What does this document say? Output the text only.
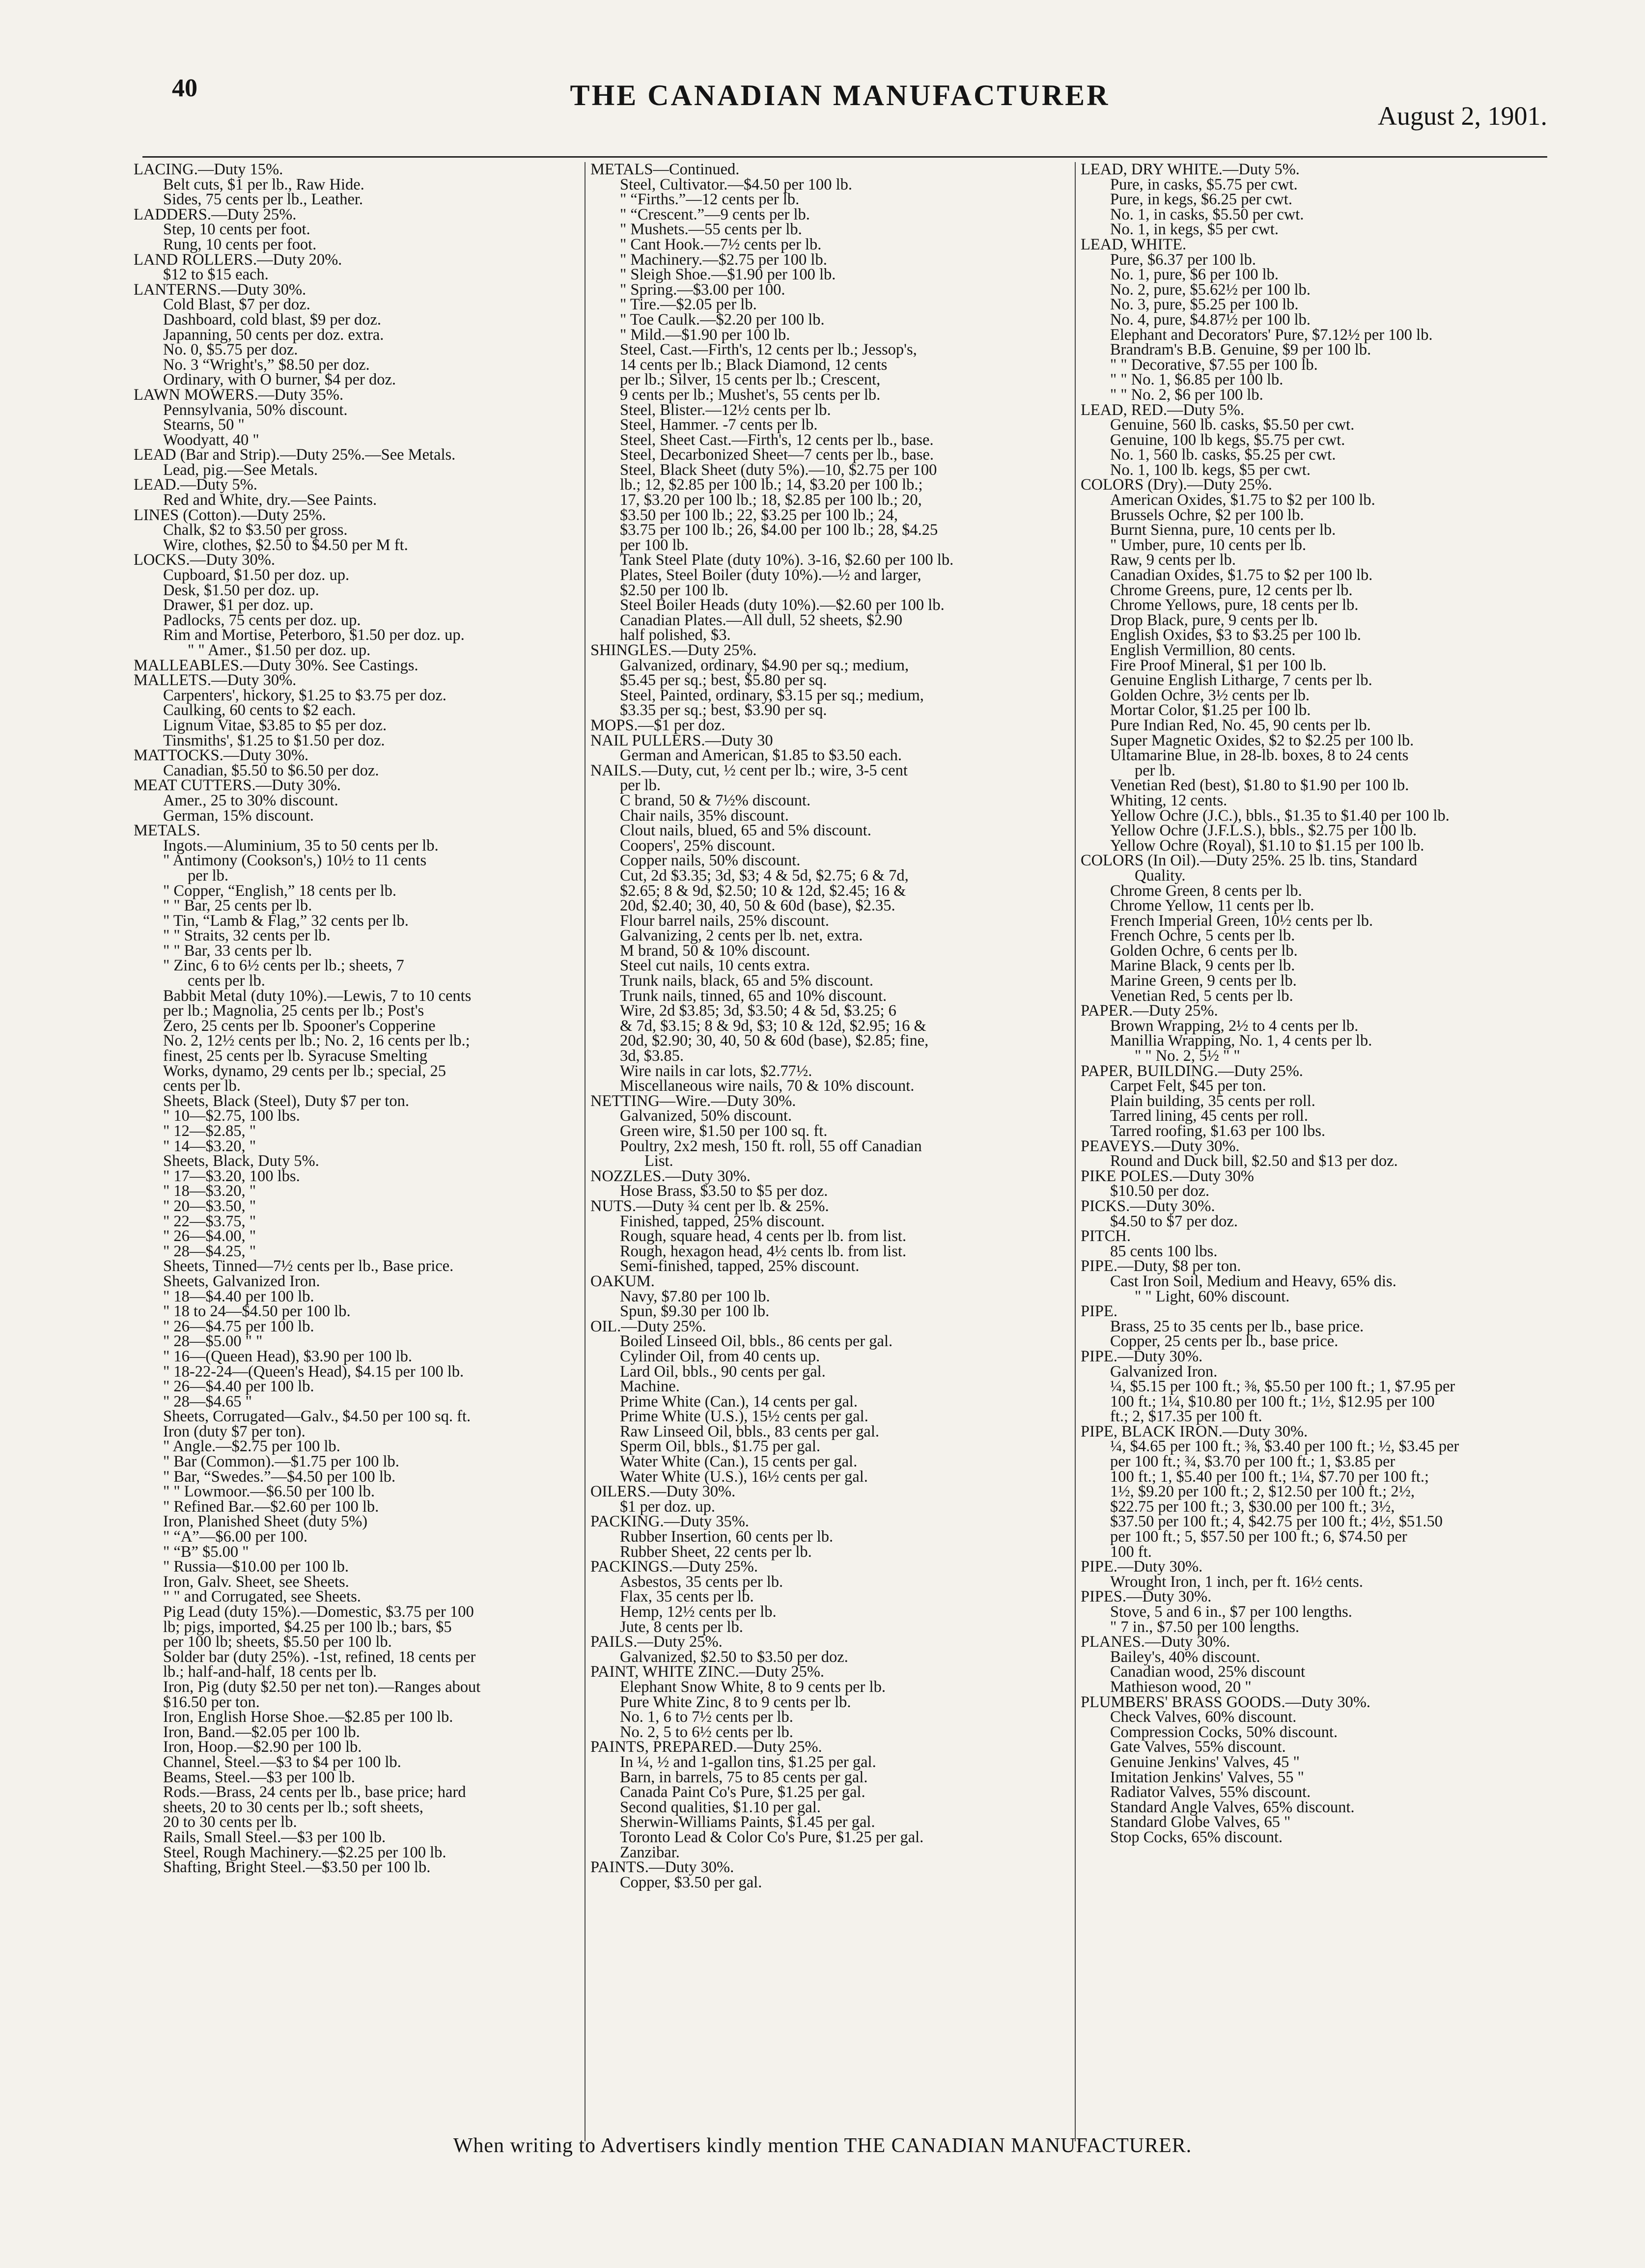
40	THE CANADIAN MANUFACTURER
August 2, 1901.
LACING.—Duty 15%.
Belt cuts, $1 per lb., Raw Hide.
Sides, 75 cents per lb., Leather.
LADDERS.—Duty 25%.
Step, 10 cents per foot.
Rung, 10 cents per foot.
LAND ROLLERS.—Duty 20%.
$12 to $15 each.
LANTERNS.—Duty 30%.
Cold Blast, $7 per doz.
Dashboard, cold blast, $9 per doz.
Japanning, 50 cents per doz. extra.
No. 0, $5.75 per doz.
No. 3 “Wright's,” $8.50 per doz.
Ordinary, with O burner, $4 per doz.
LAWN MOWERS.—Duty 35%.
Pennsylvania, 50% discount.
Stearns, 50 "
Woodyatt, 40 "
LEAD (Bar and Strip).—Duty 25%.—See Metals.
Lead, pig.—See Metals.
LEAD.—Duty 5%.
Red and White, dry.—See Paints.
LINES (Cotton).—Duty 25%.
Chalk, $2 to $3.50 per gross.
Wire, clothes, $2.50 to $4.50 per M ft.
LOCKS.—Duty 30%.
Cupboard, $1.50 per doz. up.
Desk, $1.50 per doz. up.
Drawer, $1 per doz. up.
Padlocks, 75 cents per doz. up.
Rim and Mortise, Peterboro, $1.50 per doz. up.
" " Amer., $1.50 per doz. up.
MALLEABLES.—Duty 30%. See Castings.
MALLETS.—Duty 30%.
Carpenters', hickory, $1.25 to $3.75 per doz.
Caulking, 60 cents to $2 each.
Lignum Vitae, $3.85 to $5 per doz.
Tinsmiths', $1.25 to $1.50 per doz.
MATTOCKS.—Duty 30%.
Canadian, $5.50 to $6.50 per doz.
MEAT CUTTERS.—Duty 30%.
Amer., 25 to 30% discount.
German, 15% discount.
METALS.
Ingots.—Aluminium, 35 to 50 cents per lb.
" Antimony (Cookson's,) 10½ to 11 cents
per lb.
" Copper, “English,” 18 cents per lb.
" " Bar, 25 cents per lb.
" Tin, “Lamb & Flag,” 32 cents per lb.
" " Straits, 32 cents per lb.
" " Bar, 33 cents per lb.
" Zinc, 6 to 6½ cents per lb.; sheets, 7
cents per lb.
Babbit Metal (duty 10%).—Lewis, 7 to 10 cents
per lb.; Magnolia, 25 cents per lb.; Post's
Zero, 25 cents per lb. Spooner's Copperine
No. 2, 12½ cents per lb.; No. 2, 16 cents per lb.;
finest, 25 cents per lb. Syracuse Smelting
Works, dynamo, 29 cents per lb.; special, 25
cents per lb.
Sheets, Black (Steel), Duty $7 per ton.
" 10—$2.75, 100 lbs.
" 12—$2.85, "
" 14—$3.20, "
Sheets, Black, Duty 5%.
" 17—$3.20, 100 lbs.
" 18—$3.20, "
" 20—$3.50, "
" 22—$3.75, "
" 26—$4.00, "
" 28—$4.25, "
Sheets, Tinned—7½ cents per lb., Base price.
Sheets, Galvanized Iron.
" 18—$4.40 per 100 lb.
" 18 to 24—$4.50 per 100 lb.
" 26—$4.75 per 100 lb.
" 28—$5.00 " "
" 16—(Queen Head), $3.90 per 100 lb.
" 18-22-24—(Queen's Head), $4.15 per 100 lb.
" 26—$4.40 per 100 lb.
" 28—$4.65 "
Sheets, Corrugated—Galv., $4.50 per 100 sq. ft.
Iron (duty $7 per ton).
" Angle.—$2.75 per 100 lb.
" Bar (Common).—$1.75 per 100 lb.
" Bar, “Swedes.”—$4.50 per 100 lb.
" " Lowmoor.—$6.50 per 100 lb.
" Refined Bar.—$2.60 per 100 lb.
Iron, Planished Sheet (duty 5%)
" “A”—$6.00 per 100.
" “B” $5.00 "
" Russia—$10.00 per 100 lb.
Iron, Galv. Sheet, see Sheets.
" " and Corrugated, see Sheets.
Pig Lead (duty 15%).—Domestic, $3.75 per 100
lb; pigs, imported, $4.25 per 100 lb.; bars, $5
per 100 lb; sheets, $5.50 per 100 lb.
Solder bar (duty 25%). -1st, refined, 18 cents per
lb.; half-and-half, 18 cents per lb.
Iron, Pig (duty $2.50 per net ton).—Ranges about
$16.50 per ton.
Iron, English Horse Shoe.—$2.85 per 100 lb.
Iron, Band.—$2.05 per 100 lb.
Iron, Hoop.—$2.90 per 100 lb.
Channel, Steel.—$3 to $4 per 100 lb.
Beams, Steel.—$3 per 100 lb.
Rods.—Brass, 24 cents per lb., base price; hard
sheets, 20 to 30 cents per lb.; soft sheets,
20 to 30 cents per lb.
Rails, Small Steel.—$3 per 100 lb.
Steel, Rough Machinery.—$2.25 per 100 lb.
Shafting, Bright Steel.—$3.50 per 100 lb.
METALS—Continued.
Steel, Cultivator.—$4.50 per 100 lb.
" “Firths.”—12 cents per lb.
" “Crescent.”—9 cents per lb.
" Mushets.—55 cents per lb.
" Cant Hook.—7½ cents per lb.
" Machinery.—$2.75 per 100 lb.
" Sleigh Shoe.—$1.90 per 100 lb.
" Spring.—$3.00 per 100.
" Tire.—$2.05 per lb.
" Toe Caulk.—$2.20 per 100 lb.
" Mild.—$1.90 per 100 lb.
Steel, Cast.—Firth's, 12 cents per lb.; Jessop's,
14 cents per lb.; Black Diamond, 12 cents
per lb.; Silver, 15 cents per lb.; Crescent,
9 cents per lb.; Mushet's, 55 cents per lb.
Steel, Blister.—12½ cents per lb.
Steel, Hammer. -7 cents per lb.
Steel, Sheet Cast.—Firth's, 12 cents per lb., base.
Steel, Decarbonized Sheet—7 cents per lb., base.
Steel, Black Sheet (duty 5%).—10, $2.75 per 100
lb.; 12, $2.85 per 100 lb.; 14, $3.20 per 100 lb.;
17, $3.20 per 100 lb.; 18, $2.85 per 100 lb.; 20,
$3.50 per 100 lb.; 22, $3.25 per 100 lb.; 24,
$3.75 per 100 lb.; 26, $4.00 per 100 lb.; 28, $4.25
per 100 lb.
Tank Steel Plate (duty 10%). 3-16, $2.60 per 100 lb.
Plates, Steel Boiler (duty 10%).—½ and larger,
$2.50 per 100 lb.
Steel Boiler Heads (duty 10%).—$2.60 per 100 lb.
Canadian Plates.—All dull, 52 sheets, $2.90
half polished, $3.
SHINGLES.—Duty 25%.
Galvanized, ordinary, $4.90 per sq.; medium,
$5.45 per sq.; best, $5.80 per sq.
Steel, Painted, ordinary, $3.15 per sq.; medium,
$3.35 per sq.; best, $3.90 per sq.
MOPS.—$1 per doz.
NAIL PULLERS.—Duty 30
German and American, $1.85 to $3.50 each.
NAILS.—Duty, cut, ½ cent per lb.; wire, 3-5 cent
per lb.
C brand, 50 & 7½% discount.
Chair nails, 35% discount.
Clout nails, blued, 65 and 5% discount.
Coopers', 25% discount.
Copper nails, 50% discount.
Cut, 2d $3.35; 3d, $3; 4 & 5d, $2.75; 6 & 7d,
$2.65; 8 & 9d, $2.50; 10 & 12d, $2.45; 16 &
20d, $2.40; 30, 40, 50 & 60d (base), $2.35.
Flour barrel nails, 25% discount.
Galvanizing, 2 cents per lb. net, extra.
M brand, 50 & 10% discount.
Steel cut nails, 10 cents extra.
Trunk nails, black, 65 and 5% discount.
Trunk nails, tinned, 65 and 10% discount.
Wire, 2d $3.85; 3d, $3.50; 4 & 5d, $3.25; 6
& 7d, $3.15; 8 & 9d, $3; 10 & 12d, $2.95; 16 &
20d, $2.90; 30, 40, 50 & 60d (base), $2.85; fine,
3d, $3.85.
Wire nails in car lots, $2.77½.
Miscellaneous wire nails, 70 & 10% discount.
NETTING—Wire.—Duty 30%.
Galvanized, 50% discount.
Green wire, $1.50 per 100 sq. ft.
Poultry, 2x2 mesh, 150 ft. roll, 55 off Canadian
List.
NOZZLES.—Duty 30%.
Hose Brass, $3.50 to $5 per doz.
NUTS.—Duty ¾ cent per lb. & 25%.
Finished, tapped, 25% discount.
Rough, square head, 4 cents per lb. from list.
Rough, hexagon head, 4½ cents lb. from list.
Semi-finished, tapped, 25% discount.
OAKUM.
Navy, $7.80 per 100 lb.
Spun, $9.30 per 100 lb.
OIL.—Duty 25%.
Boiled Linseed Oil, bbls., 86 cents per gal.
Cylinder Oil, from 40 cents up.
Lard Oil, bbls., 90 cents per gal.
Machine.
Prime White (Can.), 14 cents per gal.
Prime White (U.S.), 15½ cents per gal.
Raw Linseed Oil, bbls., 83 cents per gal.
Sperm Oil, bbls., $1.75 per gal.
Water White (Can.), 15 cents per gal.
Water White (U.S.), 16½ cents per gal.
OILERS.—Duty 30%.
$1 per doz. up.
PACKING.—Duty 35%.
Rubber Insertion, 60 cents per lb.
Rubber Sheet, 22 cents per lb.
PACKINGS.—Duty 25%.
Asbestos, 35 cents per lb.
Flax, 35 cents per lb.
Hemp, 12½ cents per lb.
Jute, 8 cents per lb.
PAILS.—Duty 25%.
Galvanized, $2.50 to $3.50 per doz.
PAINT, WHITE ZINC.—Duty 25%.
Elephant Snow White, 8 to 9 cents per lb.
Pure White Zinc, 8 to 9 cents per lb.
No. 1, 6 to 7½ cents per lb.
No. 2, 5 to 6½ cents per lb.
PAINTS, PREPARED.—Duty 25%.
In ¼, ½ and 1-gallon tins, $1.25 per gal.
Barn, in barrels, 75 to 85 cents per gal.
Canada Paint Co's Pure, $1.25 per gal.
Second qualities, $1.10 per gal.
Sherwin-Williams Paints, $1.45 per gal.
Toronto Lead & Color Co's Pure, $1.25 per gal.
Zanzibar.
PAINTS.—Duty 30%.
Copper, $3.50 per gal.
LEAD, DRY WHITE.—Duty 5%.
Pure, in casks, $5.75 per cwt.
Pure, in kegs, $6.25 per cwt.
No. 1, in casks, $5.50 per cwt.
No. 1, in kegs, $5 per cwt.
LEAD, WHITE.
Pure, $6.37 per 100 lb.
No. 1, pure, $6 per 100 lb.
No. 2, pure, $5.62½ per 100 lb.
No. 3, pure, $5.25 per 100 lb.
No. 4, pure, $4.87½ per 100 lb.
Elephant and Decorators' Pure, $7.12½ per 100 lb.
Brandram's B.B. Genuine, $9 per 100 lb.
" " Decorative, $7.55 per 100 lb.
" " No. 1, $6.85 per 100 lb.
" " No. 2, $6 per 100 lb.
LEAD, RED.—Duty 5%.
Genuine, 560 lb. casks, $5.50 per cwt.
Genuine, 100 lb kegs, $5.75 per cwt.
No. 1, 560 lb. casks, $5.25 per cwt.
No. 1, 100 lb. kegs, $5 per cwt.
COLORS (Dry).—Duty 25%.
American Oxides, $1.75 to $2 per 100 lb.
Brussels Ochre, $2 per 100 lb.
Burnt Sienna, pure, 10 cents per lb.
" Umber, pure, 10 cents per lb.
Raw, 9 cents per lb.
Canadian Oxides, $1.75 to $2 per 100 lb.
Chrome Greens, pure, 12 cents per lb.
Chrome Yellows, pure, 18 cents per lb.
Drop Black, pure, 9 cents per lb.
English Oxides, $3 to $3.25 per 100 lb.
English Vermillion, 80 cents.
Fire Proof Mineral, $1 per 100 lb.
Genuine English Litharge, 7 cents per lb.
Golden Ochre, 3½ cents per lb.
Mortar Color, $1.25 per 100 lb.
Pure Indian Red, No. 45, 90 cents per lb.
Super Magnetic Oxides, $2 to $2.25 per 100 lb.
Ultamarine Blue, in 28-lb. boxes, 8 to 24 cents
per lb.
Venetian Red (best), $1.80 to $1.90 per 100 lb.
Whiting, 12 cents.
Yellow Ochre (J.C.), bbls., $1.35 to $1.40 per 100 lb.
Yellow Ochre (J.F.L.S.), bbls., $2.75 per 100 lb.
Yellow Ochre (Royal), $1.10 to $1.15 per 100 lb.
COLORS (In Oil).—Duty 25%. 25 lb. tins, Standard
Quality.
Chrome Green, 8 cents per lb.
Chrome Yellow, 11 cents per lb.
French Imperial Green, 10½ cents per lb.
French Ochre, 5 cents per lb.
Golden Ochre, 6 cents per lb.
Marine Black, 9 cents per lb.
Marine Green, 9 cents per lb.
Venetian Red, 5 cents per lb.
PAPER.—Duty 25%.
Brown Wrapping, 2½ to 4 cents per lb.
Manillia Wrapping, No. 1, 4 cents per lb.
" " No. 2, 5½ " "
PAPER, BUILDING.—Duty 25%.
Carpet Felt, $45 per ton.
Plain building, 35 cents per roll.
Tarred lining, 45 cents per roll.
Tarred roofing, $1.63 per 100 lbs.
PEAVEYS.—Duty 30%.
Round and Duck bill, $2.50 and $13 per doz.
PIKE POLES.—Duty 30%
$10.50 per doz.
PICKS.—Duty 30%.
$4.50 to $7 per doz.
PITCH.
85 cents 100 lbs.
PIPE.—Duty, $8 per ton.
Cast Iron Soil, Medium and Heavy, 65% dis.
" " Light, 60% discount.
PIPE.
Brass, 25 to 35 cents per lb., base price.
Copper, 25 cents per lb., base price.
PIPE.—Duty 30%.
Galvanized Iron.
¼, $5.15 per 100 ft.; ⅜, $5.50 per 100 ft.; 1, $7.95 per
100 ft.; 1¼, $10.80 per 100 ft.; 1½, $12.95 per 100
ft.; 2, $17.35 per 100 ft.
PIPE, BLACK IRON.—Duty 30%.
¼, $4.65 per 100 ft.; ⅜, $3.40 per 100 ft.; ½, $3.45 per
per 100 ft.; ¾, $3.70 per 100 ft.; 1, $3.85 per
100 ft.; 1, $5.40 per 100 ft.; 1¼, $7.70 per 100 ft.;
1½, $9.20 per 100 ft.; 2, $12.50 per 100 ft.; 2½,
$22.75 per 100 ft.; 3, $30.00 per 100 ft.; 3½,
$37.50 per 100 ft.; 4, $42.75 per 100 ft.; 4½, $51.50
per 100 ft.; 5, $57.50 per 100 ft.; 6, $74.50 per
100 ft.
PIPE.—Duty 30%.
Wrought Iron, 1 inch, per ft. 16½ cents.
PIPES.—Duty 30%.
Stove, 5 and 6 in., $7 per 100 lengths.
" 7 in., $7.50 per 100 lengths.
PLANES.—Duty 30%.
Bailey's, 40% discount.
Canadian wood, 25% discount
Mathieson wood, 20 "
PLUMBERS' BRASS GOODS.—Duty 30%.
Check Valves, 60% discount.
Compression Cocks, 50% discount.
Gate Valves, 55% discount.
Genuine Jenkins' Valves, 45 "
Imitation Jenkins' Valves, 55 "
Radiator Valves, 55% discount.
Standard Angle Valves, 65% discount.
Standard Globe Valves, 65 "
Stop Cocks, 65% discount.
When writing to Advertisers kindly mention THE CANADIAN MANUFACTURER.
